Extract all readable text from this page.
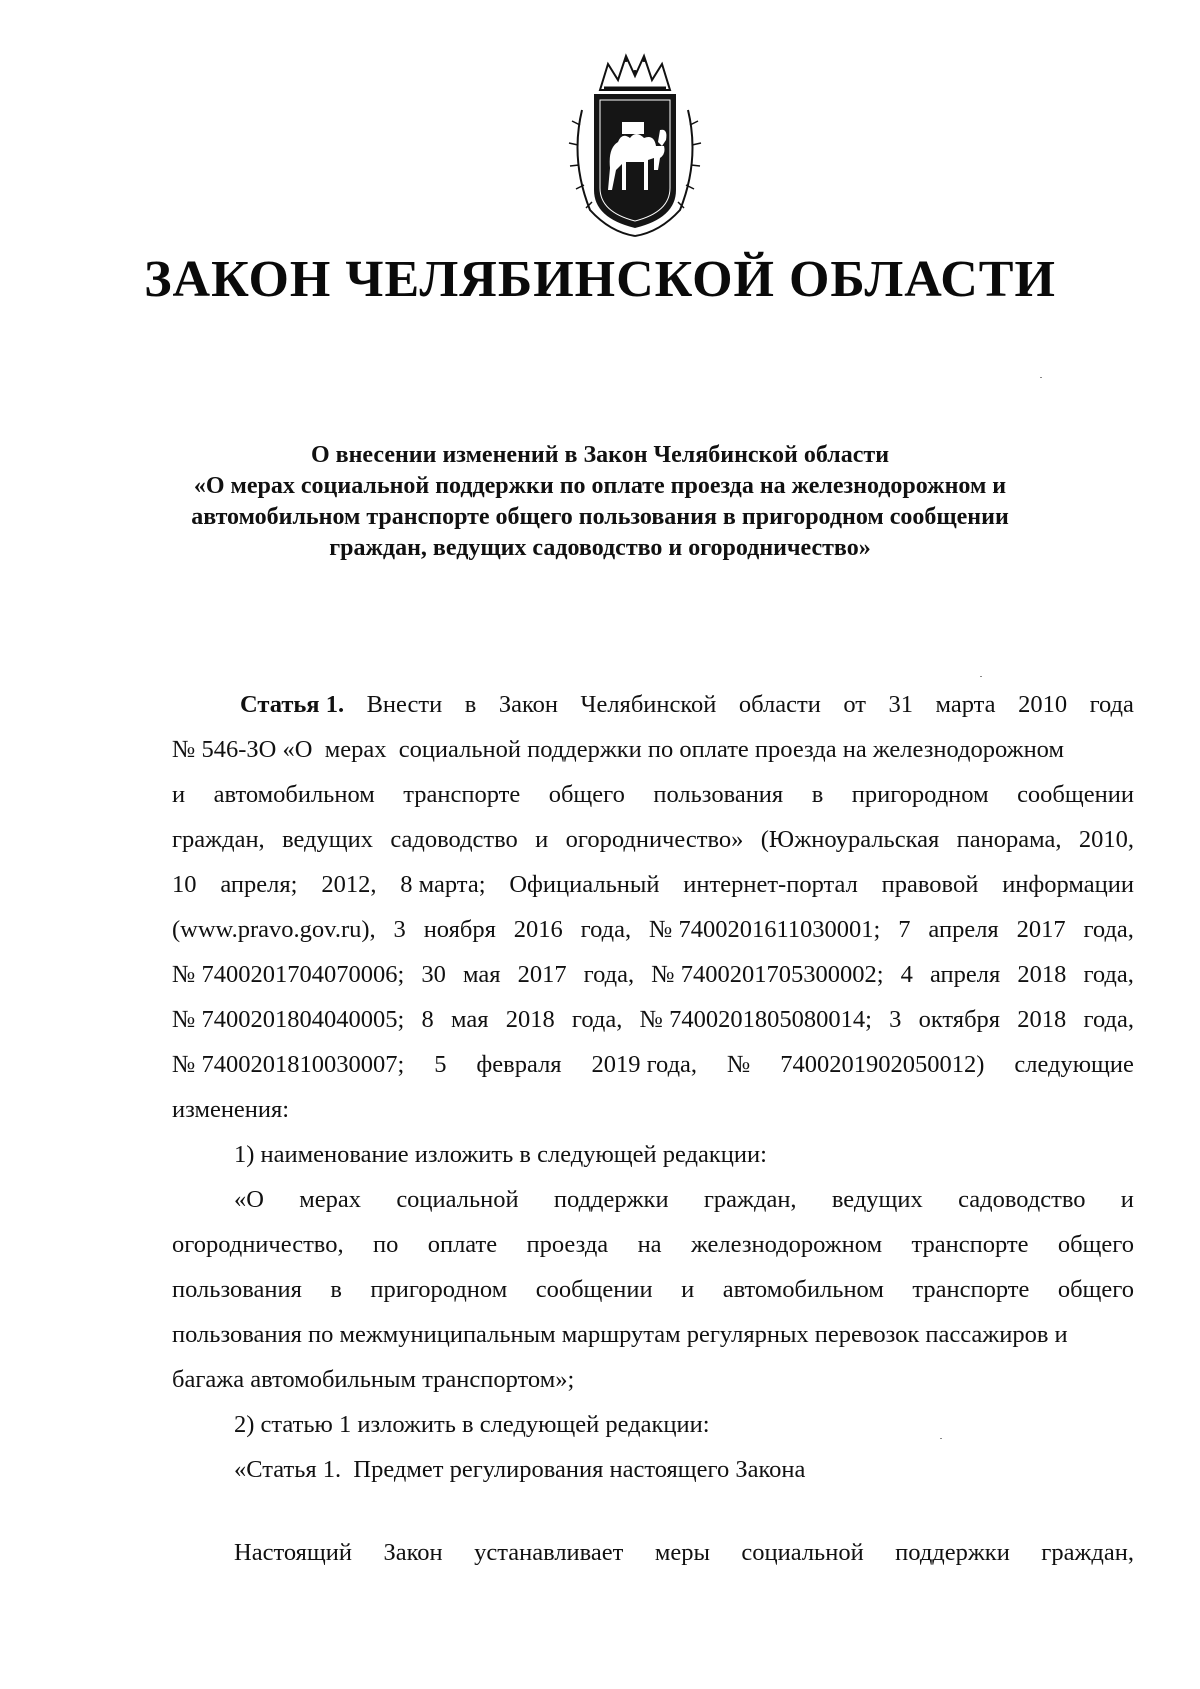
ЗАКОН ЧЕЛЯБИНСКОЙ ОБЛАСТИ
О внесении изменений в Закон Челябинской области
«О мерах социальной поддержки по оплате проезда на железнодорожном и
автомобильном транспорте общего пользования в пригородном сообщении
граждан, ведущих садоводство и огородничество»
Статья 1. Внести в Закон Челябинской области от 31 марта 2010 года
№ 546-ЗО «О  мерах  социальной поддержки по оплате проезда на железнодорожном
и автомобильном транспорте общего пользования в пригородном сообщении
граждан, ведущих садоводство и огородничество» (Южноуральская панорама, 2010,
10 апреля; 2012, 8 марта; Официальный интернет-портал правовой информации
(www.pravo.gov.ru), 3 ноября 2016 года, № 7400201611030001; 7 апреля 2017 года,
№ 7400201704070006; 30 мая 2017 года, № 7400201705300002; 4 апреля 2018 года,
№ 7400201804040005; 8 мая 2018 года, № 7400201805080014; 3 октября 2018 года,
№ 7400201810030007; 5 февраля 2019 года, № 7400201902050012) следующие
изменения:
1) наименование изложить в следующей редакции:
«О мерах социальной поддержки граждан, ведущих садоводство и
огородничество, по оплате проезда на железнодорожном транспорте общего
пользования в пригородном сообщении и автомобильном транспорте общего
пользования по межмуниципальным маршрутам регулярных перевозок пассажиров и
багажа автомобильным транспортом»;
2) статью 1 изложить в следующей редакции:
«Статья 1.  Предмет регулирования настоящего Закона
Настоящий Закон устанавливает меры социальной поддержки граждан,
